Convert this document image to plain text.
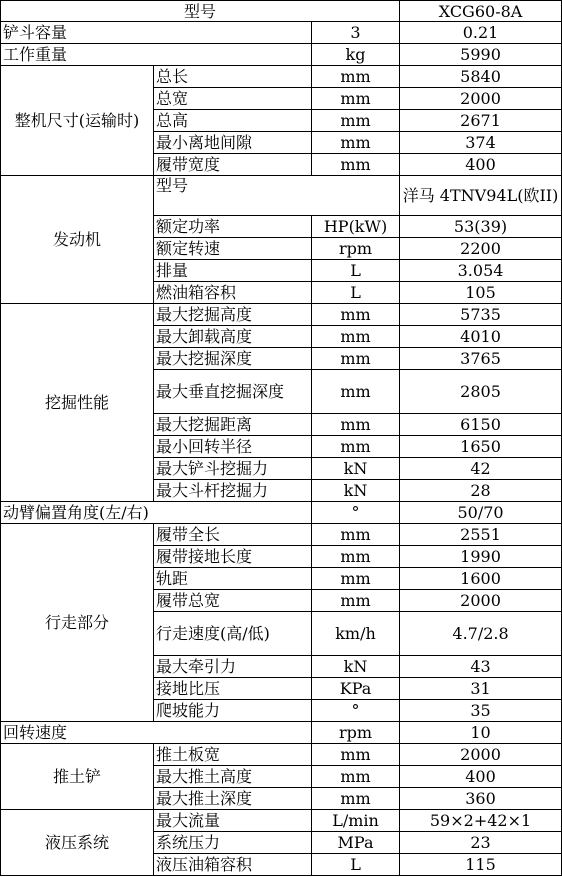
型号			XCG60-8A
铲斗容量		3	0.21
工作重量		kg	5990
整机尺寸(运输时)	总长	mm	5840
	总宽	mm	2000
	总高	mm	2671
	最小离地间隙	mm	374
	履带宽度	mm	400
发动机	型号		洋马 4TNV94L(欧II)
	额定功率	HP(kW)	53(39)
	额定转速	rpm	2200
	排量	L	3.054
	燃油箱容积	L	105
挖掘性能	最大挖掘高度	mm	5735
	最大卸载高度	mm	4010
	最大挖掘深度	mm	3765
	最大垂直挖掘深度	mm	2805
	最大挖掘距离	mm	6150
	最小回转半径	mm	1650
	最大铲斗挖掘力	kN	42
	最大斗杆挖掘力	kN	28
动臂偏置角度(左/右)		°	50/70
行走部分	履带全长	mm	2551
	履带接地长度	mm	1990
	轨距	mm	1600
	履带总宽	mm	2000
	行走速度(高/低)	km/h	4.7/2.8
	最大牵引力	kN	43
	接地比压	KPa	31
	爬坡能力	°	35
回转速度		rpm	10
推土铲	推土板宽	mm	2000
	最大推土高度	mm	400
	最大推土深度	mm	360
液压系统	最大流量	L/min	59×2+42×1
	系统压力	MPa	23
	液压油箱容积	L	115
